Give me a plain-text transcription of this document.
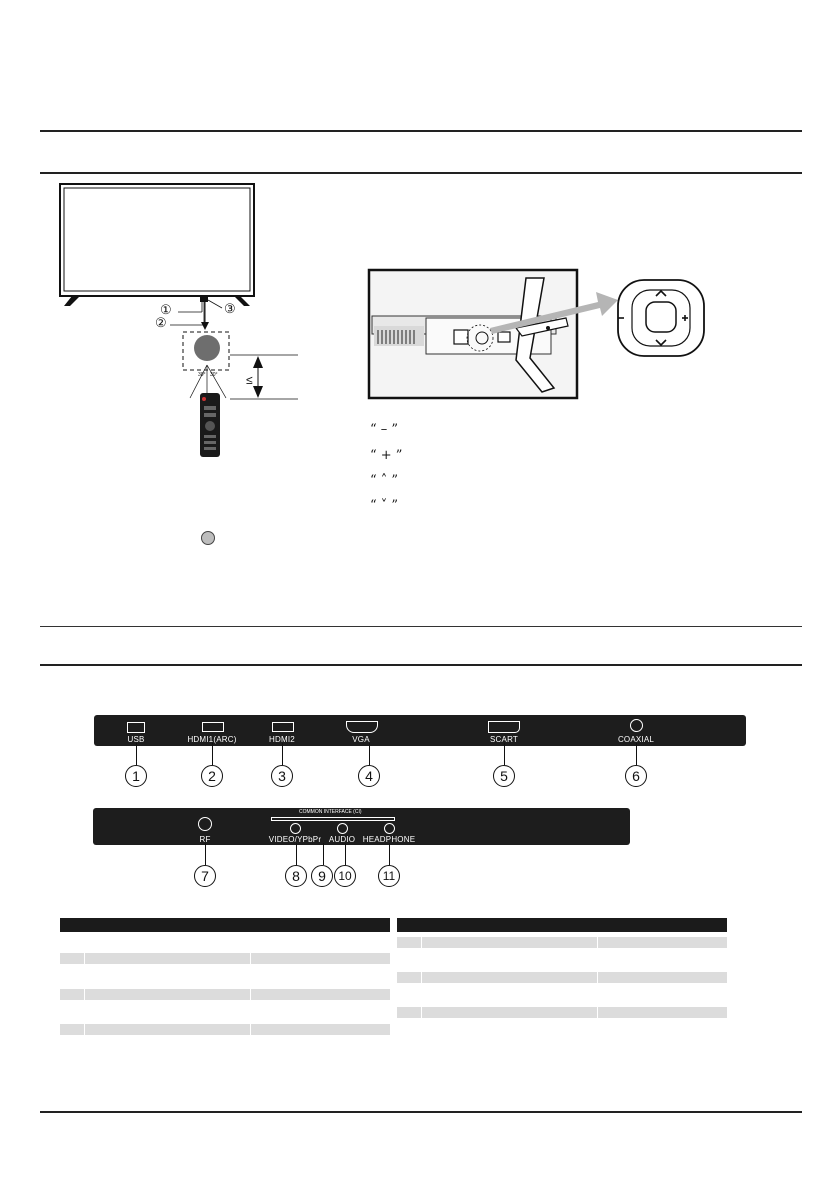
①
②
③
30° 30° ≤
“ – ”
“ + ”
“ ˄ ”
“ ˅ ”
USB	HDMI1(ARC)	HDMI2	VGA	SCART	COAXIAL
1	2	3	4	5	6
RF
COMMON INTERFACE (CI)
VIDEO/YPbPr AUDIO HEADPHONE
7	8	9	10	11
